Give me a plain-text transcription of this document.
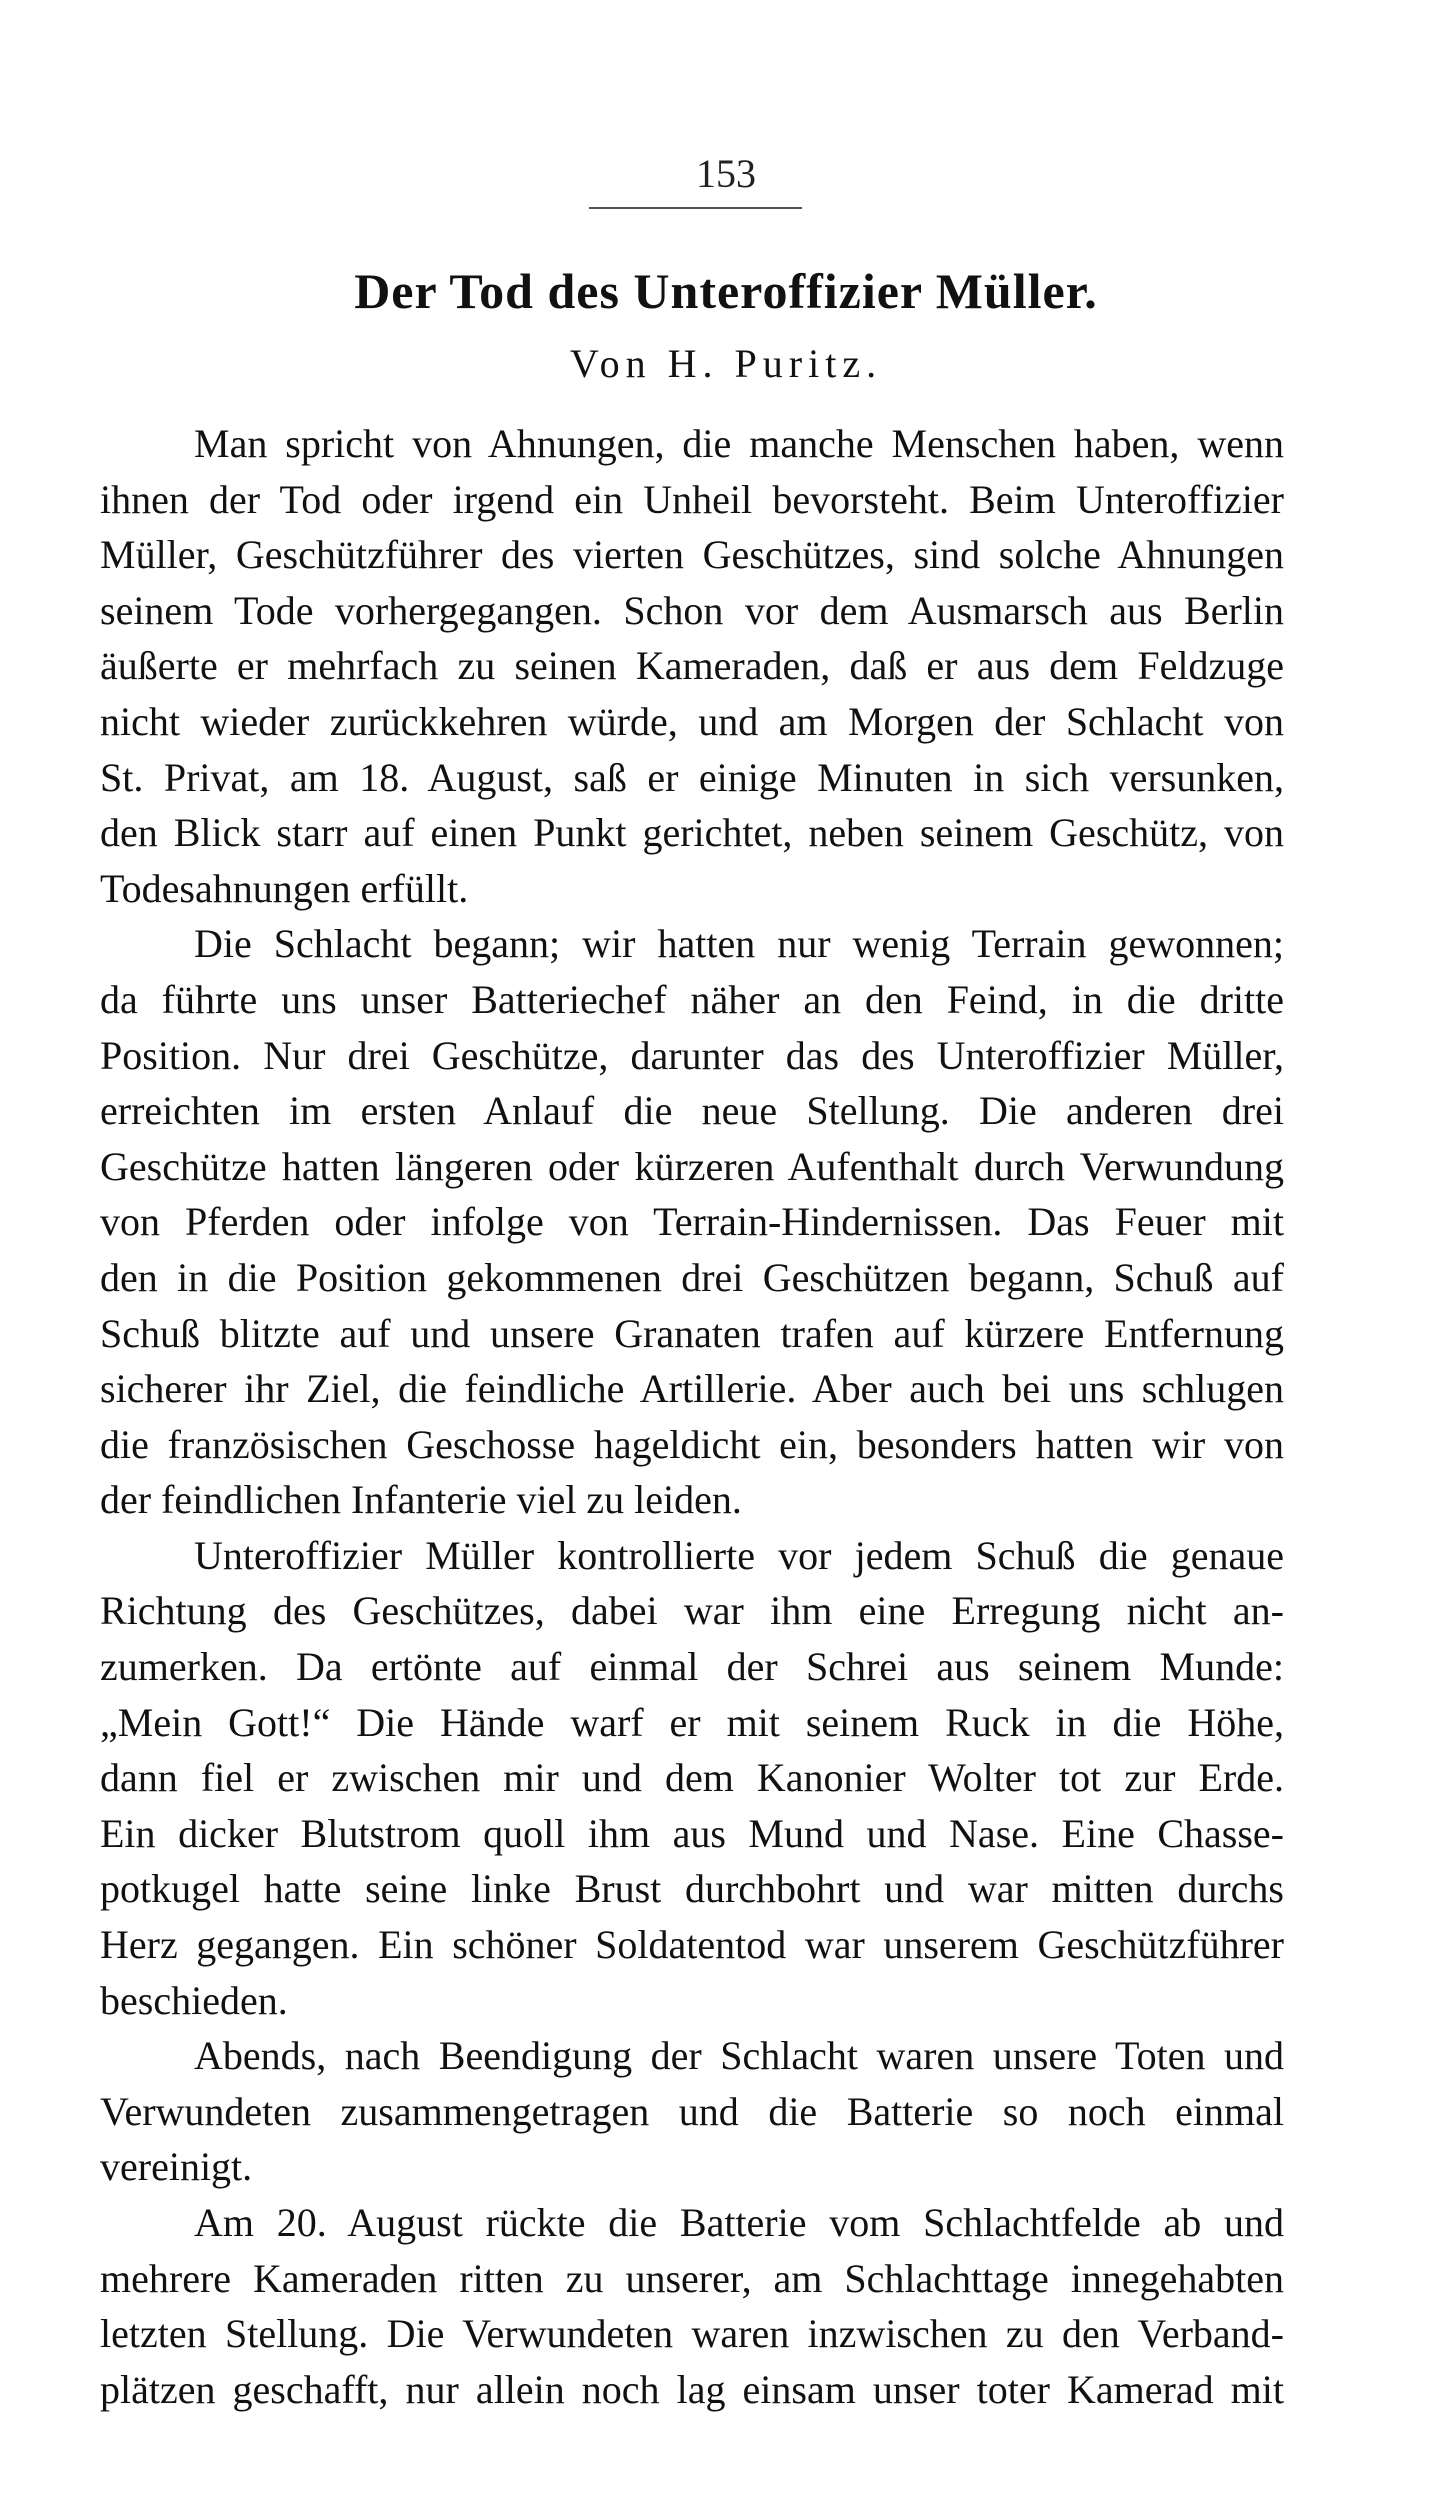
153
Der Tod des Unteroffizier Müller.
Von H. Puritz.
Man spricht von Ahnungen, die manche Menschen haben, wenn
ihnen der Tod oder irgend ein Unheil bevorsteht. Beim Unteroffizier
Müller, Geschützführer des vierten Geschützes, sind solche Ahnungen
seinem Tode vorhergegangen. Schon vor dem Ausmarsch aus Berlin
äußerte er mehrfach zu seinen Kameraden, daß er aus dem Feldzuge
nicht wieder zurückkehren würde, und am Morgen der Schlacht von
St. Privat, am 18. August, saß er einige Minuten in sich versunken,
den Blick starr auf einen Punkt gerichtet, neben seinem Geschütz, von
Todesahnungen erfüllt.
Die Schlacht begann; wir hatten nur wenig Terrain gewonnen;
da führte uns unser Batteriechef näher an den Feind, in die dritte
Position. Nur drei Geschütze, darunter das des Unteroffizier Müller,
erreichten im ersten Anlauf die neue Stellung. Die anderen drei
Geschütze hatten längeren oder kürzeren Aufenthalt durch Verwundung
von Pferden oder infolge von Terrain-Hindernissen. Das Feuer mit
den in die Position gekommenen drei Geschützen begann, Schuß auf
Schuß blitzte auf und unsere Granaten trafen auf kürzere Entfernung
sicherer ihr Ziel, die feindliche Artillerie. Aber auch bei uns schlugen
die französischen Geschosse hageldicht ein, besonders hatten wir von
der feindlichen Infanterie viel zu leiden.
Unteroffizier Müller kontrollierte vor jedem Schuß die genaue
Richtung des Geschützes, dabei war ihm eine Erregung nicht an-
zumerken. Da ertönte auf einmal der Schrei aus seinem Munde:
„Mein Gott!“ Die Hände warf er mit seinem Ruck in die Höhe,
dann fiel er zwischen mir und dem Kanonier Wolter tot zur Erde.
Ein dicker Blutstrom quoll ihm aus Mund und Nase. Eine Chasse-
potkugel hatte seine linke Brust durchbohrt und war mitten durchs
Herz gegangen. Ein schöner Soldatentod war unserem Geschützführer
beschieden.
Abends, nach Beendigung der Schlacht waren unsere Toten und
Verwundeten zusammengetragen und die Batterie so noch einmal
vereinigt.
Am 20. August rückte die Batterie vom Schlachtfelde ab und
mehrere Kameraden ritten zu unserer, am Schlachttage innegehabten
letzten Stellung. Die Verwundeten waren inzwischen zu den Verband-
plätzen geschafft, nur allein noch lag einsam unser toter Kamerad mit
